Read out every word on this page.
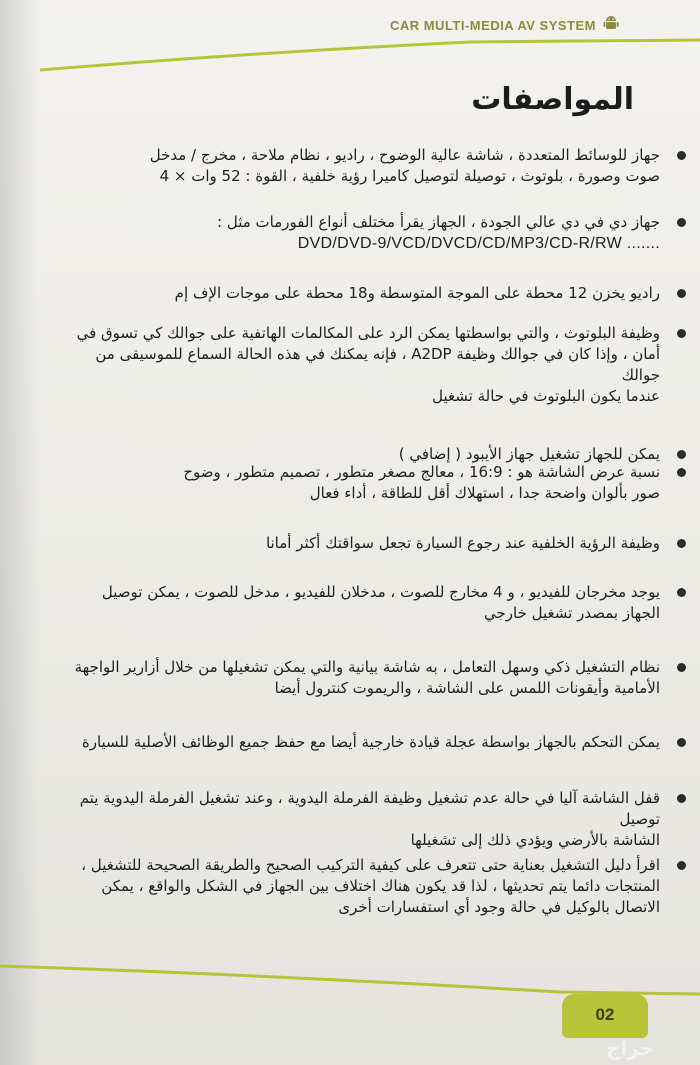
CAR MULTI-MEDIA AV SYSTEM
المواصفات
جهاز للوسائط المتعددة ، شاشة عالية الوضوح ، راديو ، نظام ملاحة ، مخرج / مدخل
صوت وصورة ، بلوتوث ، توصيلة لتوصيل كاميرا رؤية خلفية ، القوة : 52 وات × 4
جهاز دي في دي عالي الجودة ، الجهاز يقرأ مختلف أنواع الفورمات مثل :
DVD/DVD-9/VCD/DVCD/CD/MP3/CD-R/RW .......
راديو يخزن 12 محطة على الموجة المتوسطة و18 محطة على موجات الإف إم
وظيفة البلوتوث ، والتي بواسطتها يمكن الرد على المكالمات الهاتفية على جوالك كي تسوق في
أمان ، وإذا كان في جوالك وظيفة A2DP ، فإنه يمكنك في هذه الحالة السماع للموسيقى من جوالك
عندما يكون البلوتوث في حالة تشغيل
يمكن للجهاز تشغيل جهاز الأيبود ( إضافي )
نسبة عرض الشاشة هو : 16:9 ، معالج مصغر متطور ، تصميم متطور ، وضوح
صور بألوان واضحة جدا ، استهلاك أقل للطاقة ، أداء فعال
وظيفة الرؤية الخلفية عند رجوع السيارة تجعل سواقتك أكثر أمانا
يوجد مخرجان للفيديو ، و 4 مخارج للصوت ، مدخلان للفيديو ، مدخل للصوت ، يمكن توصيل
الجهاز بمصدر تشغيل خارجي
نظام التشغيل ذكي وسهل التعامل ، به شاشة بيانية والتي يمكن تشغيلها من خلال أزارير الواجهة
الأمامية وأيقونات اللمس على الشاشة ، والريموت كنترول أيضا
يمكن التحكم بالجهاز بواسطة عجلة قيادة خارجية أيضا مع حفظ جميع الوظائف الأصلية للسيارة
قفل الشاشة آليا في حالة عدم تشغيل وظيفة الفرملة اليدوية ، وعند تشغيل الفرملة اليدوية يتم توصيل
الشاشة بالأرضي ويؤدي ذلك إلى تشغيلها
اقرأ دليل التشغيل بعناية حتى تتعرف على كيفية التركيب الصحيح والطريقة الصحيحة للتشغيل ،
المنتجات دائما يتم تحديثها ، لذا قد يكون هناك اختلاف بين الجهاز في الشكل والواقع ، يمكن
الاتصال بالوكيل في حالة وجود أي استفسارات أخرى
02
حراج
